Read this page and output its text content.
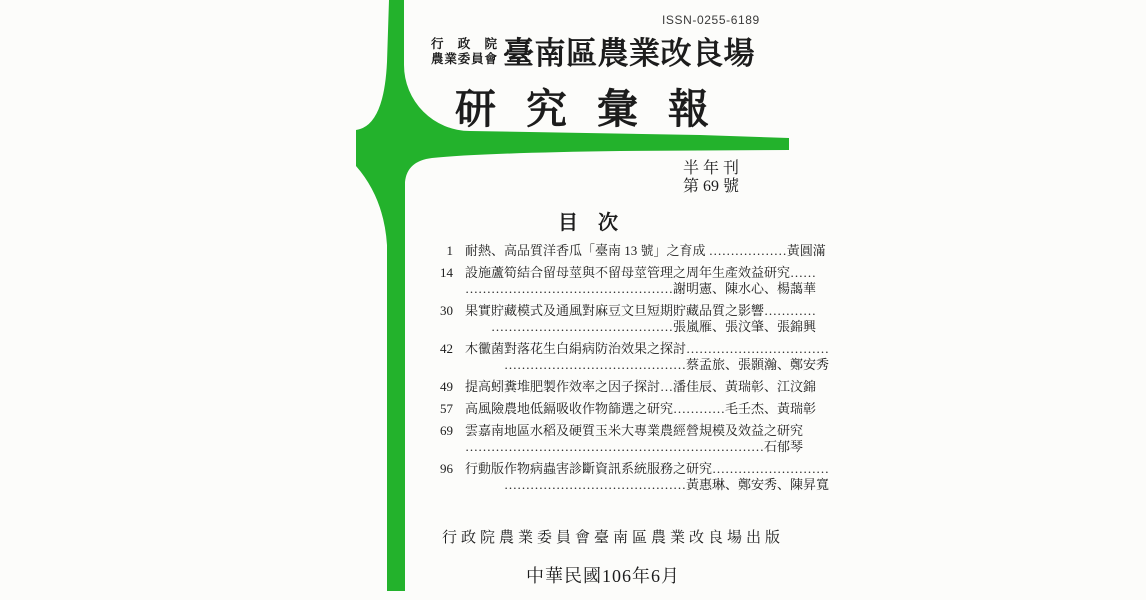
ISSN-0255-6189
行政院
農業委員會 臺南區農業改良場
研究彙報
半 年 刊
第 69 號
目　次
1 耐熱、高品質洋香瓜「臺南 13 號」之育成 ………………黃圓滿
14 設施蘆筍結合留母莖與不留母莖管理之周年生產效益研究……
…………………………………………謝明憲、陳水心、楊藹華
30 果實貯藏模式及通風對麻豆文旦短期貯藏品質之影響…………
……………………………………張嵐雁、張汶肇、張錦興
42 木黴菌對落花生白絹病防治效果之探討……………………………
……………………………………蔡孟旅、張顥瀚、鄭安秀
49 提高蚓糞堆肥製作效率之因子探討…潘佳辰、黃瑞彰、江汶錦
57 高風險農地低鎘吸收作物篩選之研究…………毛壬杰、黃瑞彰
69 雲嘉南地區水稻及硬質玉米大專業農經營規模及效益之研究
……………………………………………………………石郁琴
96 行動版作物病蟲害診斷資訊系統服務之研究………………………
……………………………………黃惠琳、鄭安秀、陳昇寬
行政院農業委員會臺南區農業改良場出版
中華民國106年6月
